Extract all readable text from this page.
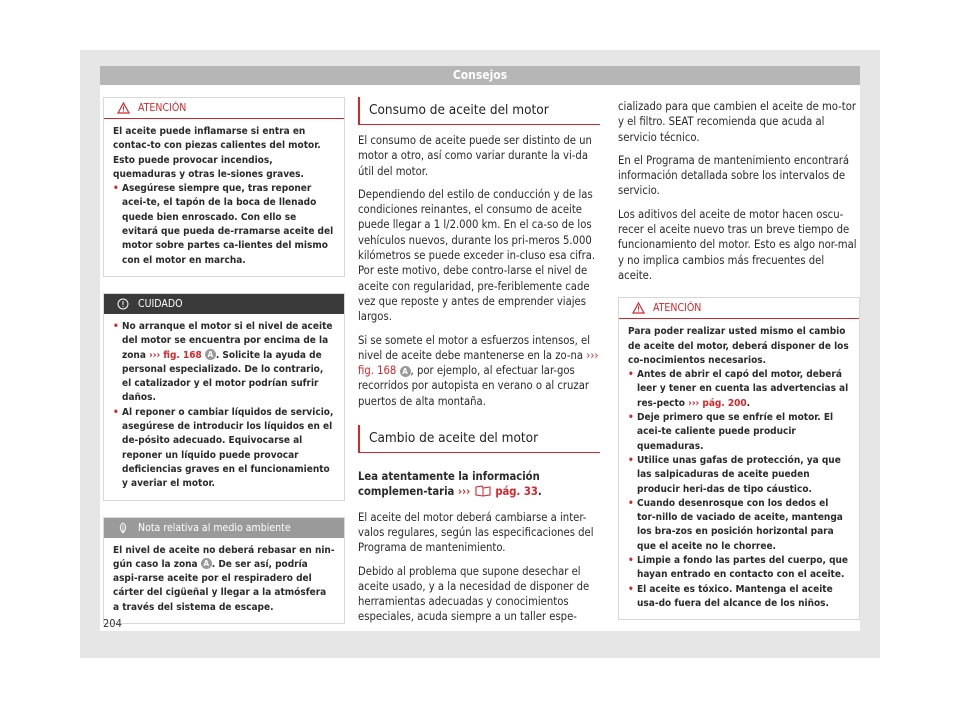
Consejos
ATENCIÓN

El aceite puede inflamarse si entra en contac-to con piezas calientes del motor. Esto puede provocar incendios, quemaduras y otras le-siones graves.

• Asegúrese siempre que, tras reponer acei-te, el tapón de la boca de llenado quede bien enroscado. Con ello se evitará que pueda de-rramarse aceite del motor sobre partes ca-lientes del mismo con el motor en marcha.

CUIDADO

• No arranque el motor si el nivel de aceite del motor se encuentra por encima de la zona ››› fig. 168 A . Solicite la ayuda de personal especializado. De lo contrario, el catalizador y el motor podrían sufrir daños.

• Al reponer o cambiar líquidos de servicio, asegúrese de introducir los líquidos en el de-pósito adecuado. Equivocarse al reponer un líquido puede provocar deficiencias graves en el funcionamiento y averiar el motor.

Nota relativa al medio ambiente

El nivel de aceite no deberá rebasar en nin-gún caso la zona A . De ser así, podría aspi-rarse aceite por el respiradero del cárter del cigüeñal y llegar a la atmósfera a través del sistema de escape.

Consumo de aceite del motor

El consumo de aceite puede ser distinto de un motor a otro, así como variar durante la vi-da útil del motor.

Dependiendo del estilo de conducción y de las condiciones reinantes, el consumo de aceite puede llegar a 1 l/2.000 km. En el ca-so de los vehículos nuevos, durante los pri-meros 5.000 kilómetros se puede exceder in-cluso esa cifra. Por este motivo, debe contro-larse el nivel de aceite con regularidad, pre-feriblemente cade vez que reposte y antes de emprender viajes largos.

Si se somete el motor a esfuerzos intensos, el nivel de aceite debe mantenerse en la zo-na ››› fig. 168 A , por ejemplo, al efectuar lar-gos recorridos por autopista en verano o al cruzar puertos de alta montaña.

Cambio de aceite del motor

Lea atentamente la información complemen-taria ››› pág. 33.

El aceite del motor deberá cambiarse a inter-valos regulares, según las especificaciones del Programa de mantenimiento.

Debido al problema que supone desechar el aceite usado, y a la necesidad de disponer de herramientas adecuadas y conocimientos especiales, acuda siempre a un taller espe-

cializado para que cambien el aceite de mo-tor y el filtro. SEAT recomienda que acuda al servicio técnico.

En el Programa de mantenimiento encontrará información detallada sobre los intervalos de servicio.

Los aditivos del aceite de motor hacen oscu-recer el aceite nuevo tras un breve tiempo de funcionamiento del motor. Esto es algo nor-mal y no implica cambios más frecuentes del aceite.

ATENCIÓN

Para poder realizar usted mismo el cambio de aceite del motor, deberá disponer de los co-nocimientos necesarios.

• Antes de abrir el capó del motor, deberá leer y tener en cuenta las advertencias al res-pecto ››› pág. 200.

• Deje primero que se enfríe el motor. El acei-te caliente puede producir quemaduras.

• Utilice unas gafas de protección, ya que las salpicaduras de aceite pueden producir heri-das de tipo cáustico.

• Cuando desenrosque con los dedos el tor-nillo de vaciado de aceite, mantenga los bra-zos en posición horizontal para que el aceite no le chorree.

• Limpie a fondo las partes del cuerpo, que hayan entrado en contacto con el aceite.

• El aceite es tóxico. Mantenga el aceite usa-do fuera del alcance de los niños.

204
